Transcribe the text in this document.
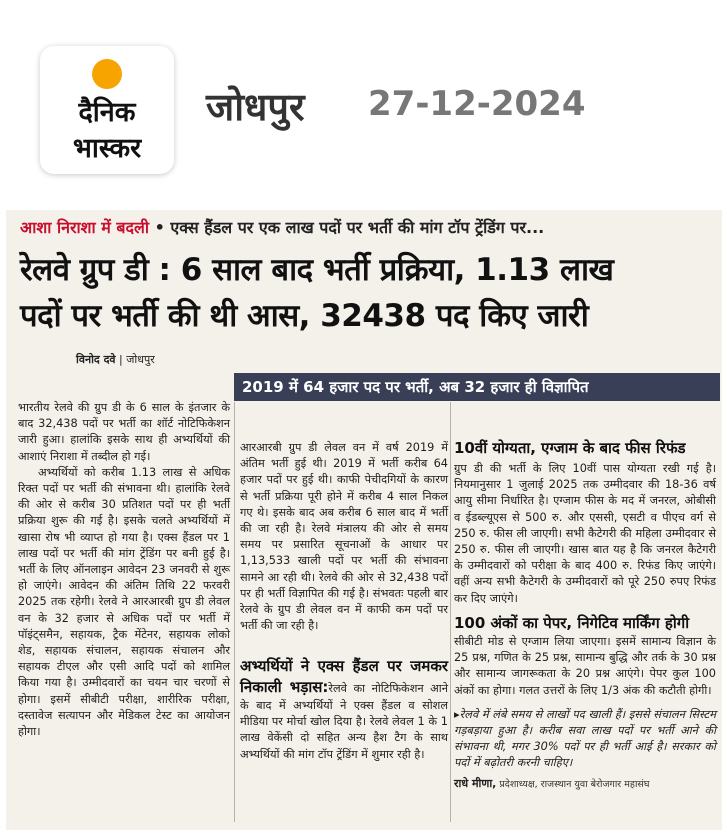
दैनिक
भास्कर
जोधपुर 27-12-2024
आशा निराशा में बदली • एक्स हैंडल पर एक लाख पदों पर भर्ती की मांग टॉप ट्रेंडिंग पर...
रेलवे ग्रुप डी : 6 साल बाद भर्ती प्रक्रिया, 1.13 लाख
पदों पर भर्ती की थी आस, 32438 पद किए जारी
विनोद दवे | जोधपुर
2019 में 64 हजार पद पर भर्ती, अब 32 हजार ही विज्ञापित

भारतीय रेलवे की ग्रुप डी के 6 साल के इंतजार के बाद 32,438 पदों पर भर्ती का शॉर्ट नोटिफिकेशन जारी हुआ। हालांकि इसके साथ ही अभ्यर्थियों की आशाएं निराशा में तब्दील हो गई।

अभ्यर्थियों को करीब 1.13 लाख से अधिक रिक्त पदों पर भर्ती की संभावना थी। हालांकि रेलवे की ओर से करीब 30 प्रतिशत पदों पर ही भर्ती प्रक्रिया शुरू की गई है। इसके चलते अभ्यर्थियों में खासा रोष भी व्याप्त हो गया है। एक्स हैंडल पर 1 लाख पदों पर भर्ती की मांग ट्रेंडिंग पर बनी हुई है। भर्ती के लिए ऑनलाइन आवेदन 23 जनवरी से शुरू हो जाएंगे। आवेदन की अंतिम तिथि 22 फरवरी 2025 तक रहेगी। रेलवे ने आरआरबी ग्रुप डी लेवल वन के 32 हजार से अधिक पदों पर भर्ती में पॉइंट्समैन, सहायक, ट्रैक मेंटेनर, सहायक लोको शेड, सहायक संचालन, सहायक संचालन और सहायक टीएल और एसी आदि पदों को शामिल किया गया है। उम्मीदवारों का चयन चार चरणों से होगा। इसमें सीबीटी परीक्षा, शारीरिक परीक्षा, दस्तावेज सत्यापन और मेडिकल टेस्ट का आयोजन होगा।

आरआरबी ग्रुप डी लेवल वन में वर्ष 2019 में अंतिम भर्ती हुई थी। 2019 में भर्ती करीब 64 हजार पदों पर हुई थी। काफी पेचीदगियों के कारण से भर्ती प्रक्रिया पूरी होने में करीब 4 साल निकल गए थे। इसके बाद अब करीब 6 साल बाद में भर्ती की जा रही है। रेलवे मंत्रालय की ओर से समय समय पर प्रसारित सूचनाओं के आधार पर 1,13,533 खाली पदों पर भर्ती की संभावना सामने आ रही थी। रेलवे की ओर से 32,438 पदों पर ही भर्ती विज्ञापित की गई है। संभवतः पहली बार रेलवे के ग्रुप डी लेवल वन में काफी कम पदों पर भर्ती की जा रही है।

अभ्यर्थियों ने एक्स हैंडल पर जमकर निकाली भड़ास:रेलवे का नोटिफिकेशन आने के बाद में अभ्यर्थियों ने एक्स हैंडल व सोशल मीडिया पर मोर्चा खोल दिया है। रेलवे लेवल 1 के 1 लाख वेकेंसी दो सहित अन्य हैश टैग के साथ अभ्यर्थियों की मांग टॉप ट्रेंडिंग में शुमार रही है।

10वीं योग्यता, एग्जाम के बाद फीस रिफंड

ग्रुप डी की भर्ती के लिए 10वीं पास योग्यता रखी गई है। नियमानुसार 1 जुलाई 2025 तक उम्मीदवार की 18-36 वर्ष आयु सीमा निर्धारित है। एग्जाम फीस के मद में जनरल, ओबीसी व ईडब्ल्यूएस से 500 रु. और एससी, एसटी व पीएच वर्ग से 250 रु. फीस ली जाएगी। सभी कैटेगरी की महिला उम्मीदवार से 250 रु. फीस ली जाएगी। खास बात यह है कि जनरल कैटेगरी के उम्मीदवारों को परीक्षा के बाद 400 रु. रिफंड किए जाएंगे। वहीं अन्य सभी कैटेगरी के उम्मीदवारों को पूरे 250 रुपए रिफंड कर दिए जाएंगे।

100 अंकों का पेपर, निगेटिव मार्किंग होगी

सीबीटी मोड से एग्जाम लिया जाएगा। इसमें सामान्य विज्ञान के 25 प्रश्न, गणित के 25 प्रश्न, सामान्य बुद्धि और तर्क के 30 प्रश्न और सामान्य जागरूकता के 20 प्रश्न आएंगे। पेपर कुल 100 अंकों का होगा। गलत उत्तरों के लिए 1/3 अंक की कटौती होगी।

▸रेलवे में लंबे समय से लाखों पद खाली हैं। इससे संचालन सिस्टम गड़बड़ाया हुआ है। करीब सवा लाख पदों पर भर्ती आने की संभावना थी, मगर 30% पदों पर ही भर्ती आई है। सरकार को पदों में बढ़ोतरी करनी चाहिए।

राधे मीणा, प्रदेशाध्यक्ष, राजस्थान युवा बेरोजगार महासंघ
